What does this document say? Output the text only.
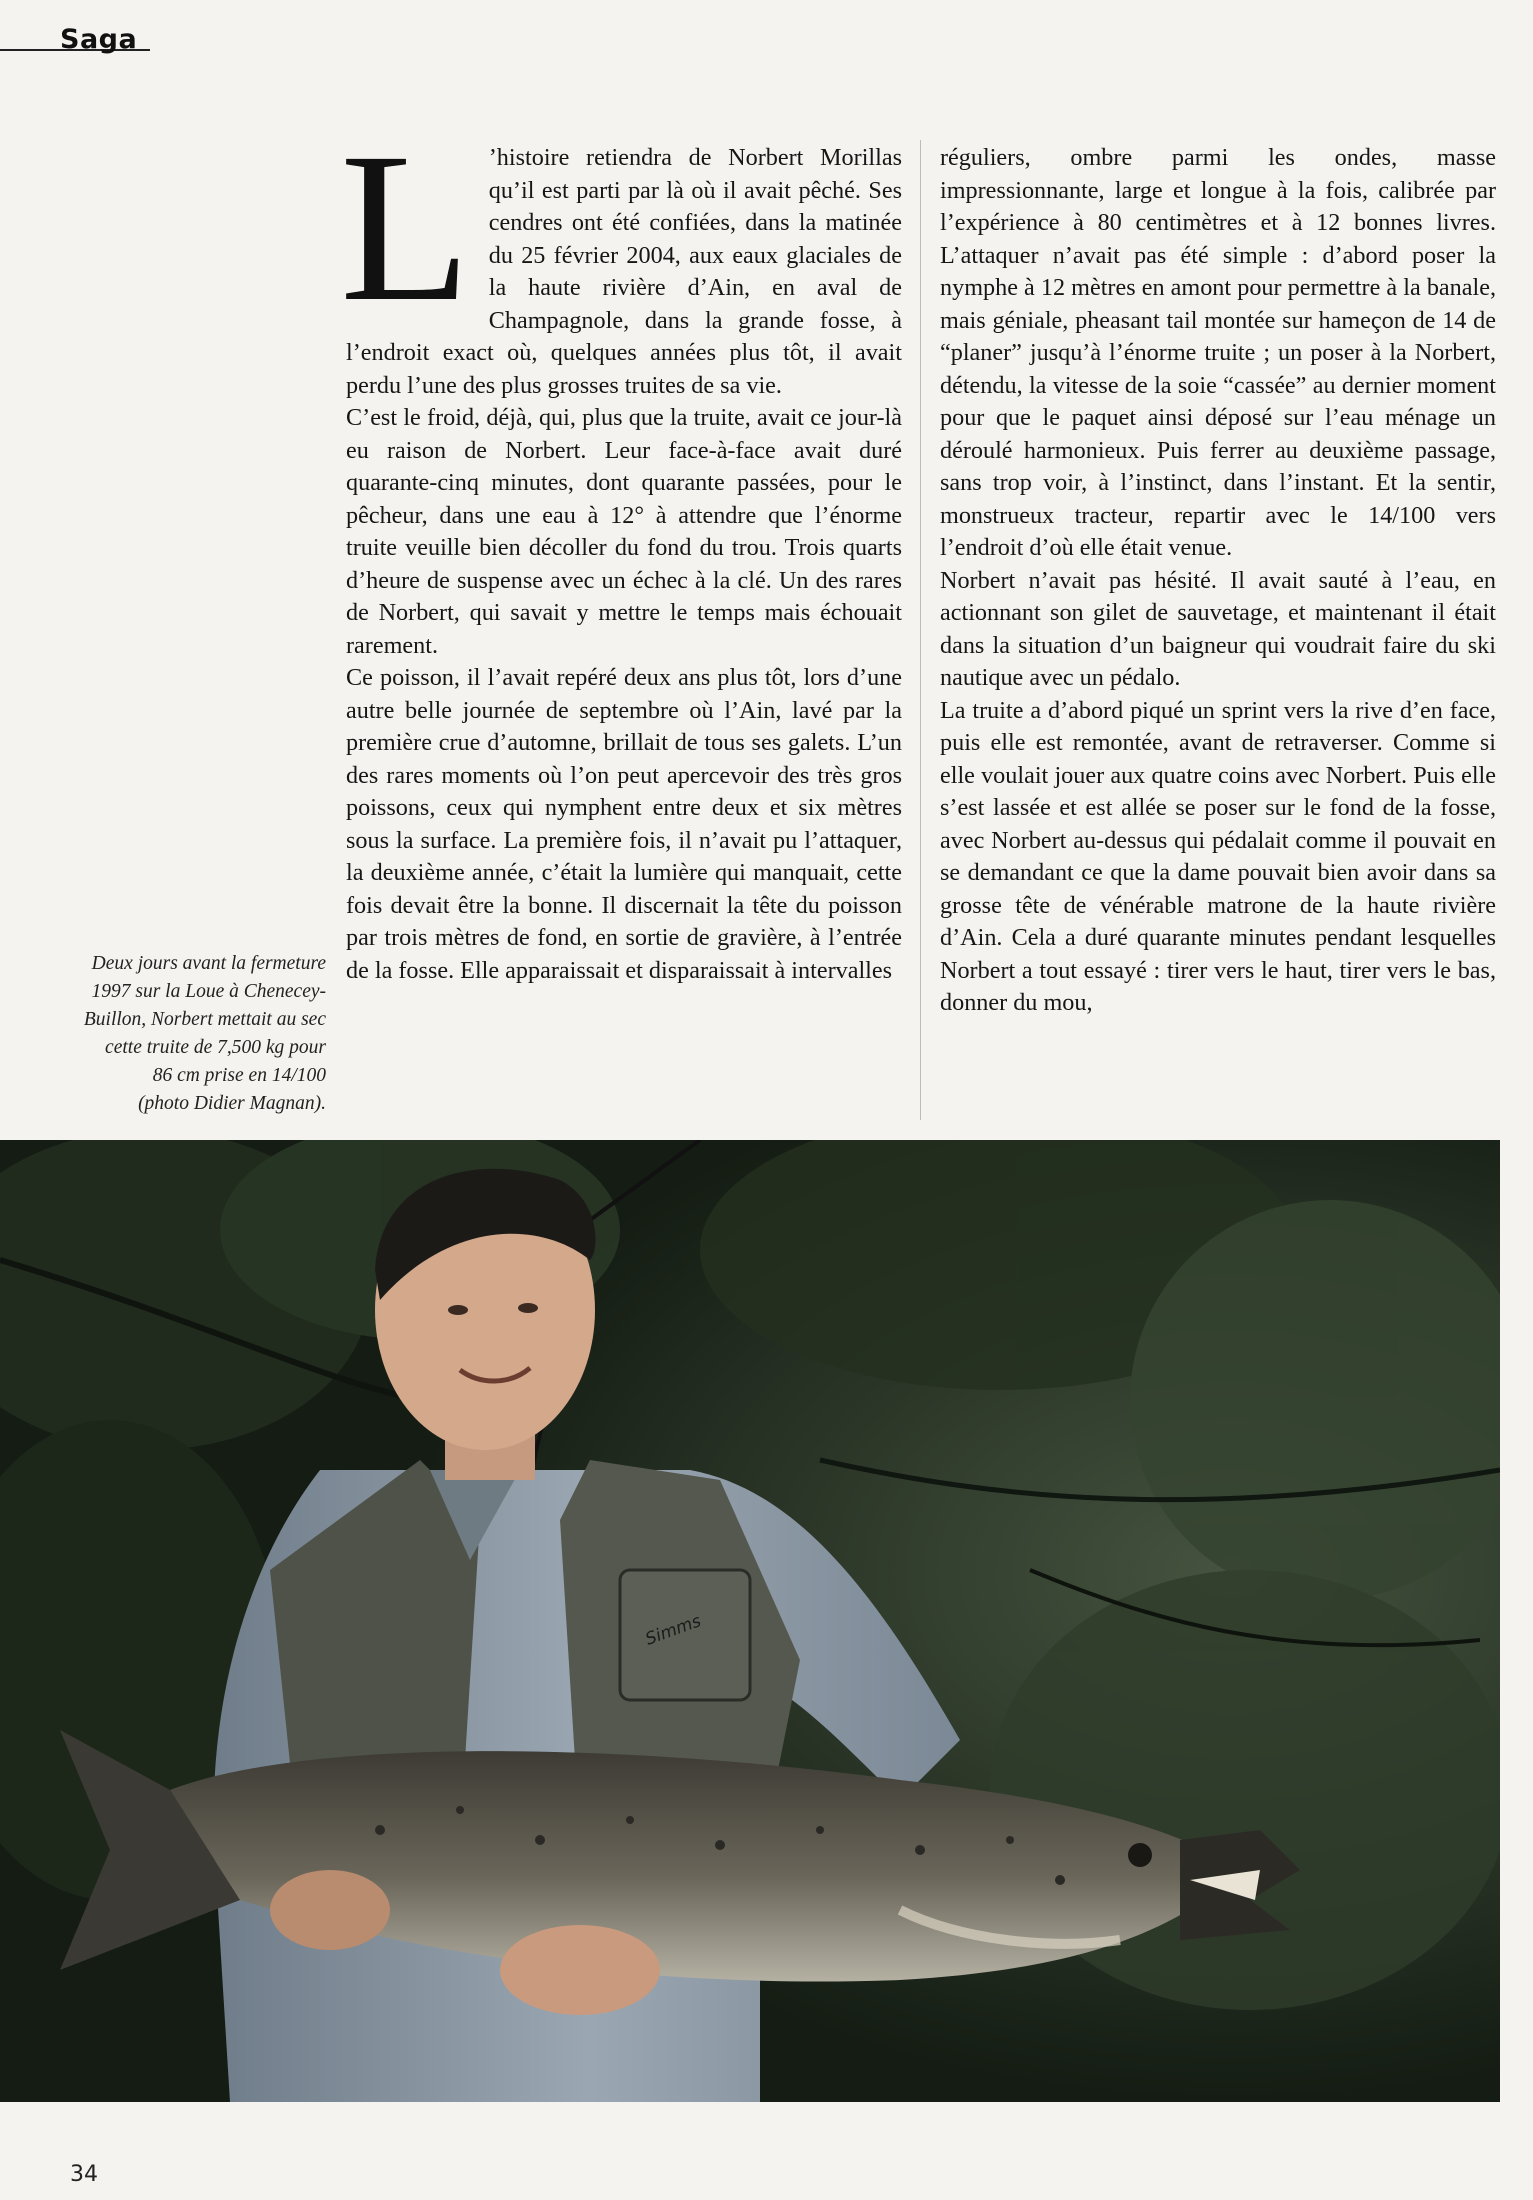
Saga
Deux jours avant la fermeture
1997 sur la Loue à Chenecey-
Buillon, Norbert mettait au sec
cette truite de 7,500 kg pour
86 cm prise en 14/100
(photo Didier Magnan).
L ’histoire retiendra de Norbert Morillas qu’il est parti par là où il avait pêché. Ses cendres ont été confiées, dans la matinée du 25 février 2004, aux eaux glaciales de la haute rivière d’Ain, en aval de Champagnole, dans la grande fosse, à l’endroit exact où, quelques années plus tôt, il avait perdu l’une des plus grosses truites de sa vie.

C’est le froid, déjà, qui, plus que la truite, avait ce jour-là eu raison de Norbert. Leur face-à-face avait duré quarante-cinq minutes, dont quarante passées, pour le pêcheur, dans une eau à 12° à attendre que l’énorme truite veuille bien décoller du fond du trou. Trois quarts d’heure de suspense avec un échec à la clé. Un des rares de Norbert, qui savait y mettre le temps mais échouait rarement.

Ce poisson, il l’avait repéré deux ans plus tôt, lors d’une autre belle journée de septembre où l’Ain, lavé par la première crue d’automne, brillait de tous ses galets. L’un des rares moments où l’on peut apercevoir des très gros poissons, ceux qui nymphent entre deux et six mètres sous la surface. La première fois, il n’avait pu l’attaquer, la deuxième année, c’était la lumière qui manquait, cette fois devait être la bonne. Il discernait la tête du poisson par trois mètres de fond, en sortie de gravière, à l’entrée de la fosse. Elle apparaissait et disparaissait à intervalles

réguliers, ombre parmi les ondes, masse impressionnante, large et longue à la fois, calibrée par l’expérience à 80 centimètres et à 12 bonnes livres. L’attaquer n’avait pas été simple : d’abord poser la nymphe à 12 mètres en amont pour permettre à la banale, mais géniale, pheasant tail montée sur hameçon de 14 de “planer” jusqu’à l’énorme truite ; un poser à la Norbert, détendu, la vitesse de la soie “cassée” au dernier moment pour que le paquet ainsi déposé sur l’eau ménage un déroulé harmonieux. Puis ferrer au deuxième passage, sans trop voir, à l’instinct, dans l’instant. Et la sentir, monstrueux tracteur, repartir avec le 14/100 vers l’endroit d’où elle était venue.

Norbert n’avait pas hésité. Il avait sauté à l’eau, en actionnant son gilet de sauvetage, et maintenant il était dans la situation d’un baigneur qui voudrait faire du ski nautique avec un pédalo.

La truite a d’abord piqué un sprint vers la rive d’en face, puis elle est remontée, avant de retraverser. Comme si elle voulait jouer aux quatre coins avec Norbert. Puis elle s’est lassée et est allée se poser sur le fond de la fosse, avec Norbert au-dessus qui pédalait comme il pouvait en se demandant ce que la dame pouvait bien avoir dans sa grosse tête de vénérable matrone de la haute rivière d’Ain. Cela a duré quarante minutes pendant lesquelles Norbert a tout essayé : tirer vers le haut, tirer vers le bas, donner du mou,

Simms
34
